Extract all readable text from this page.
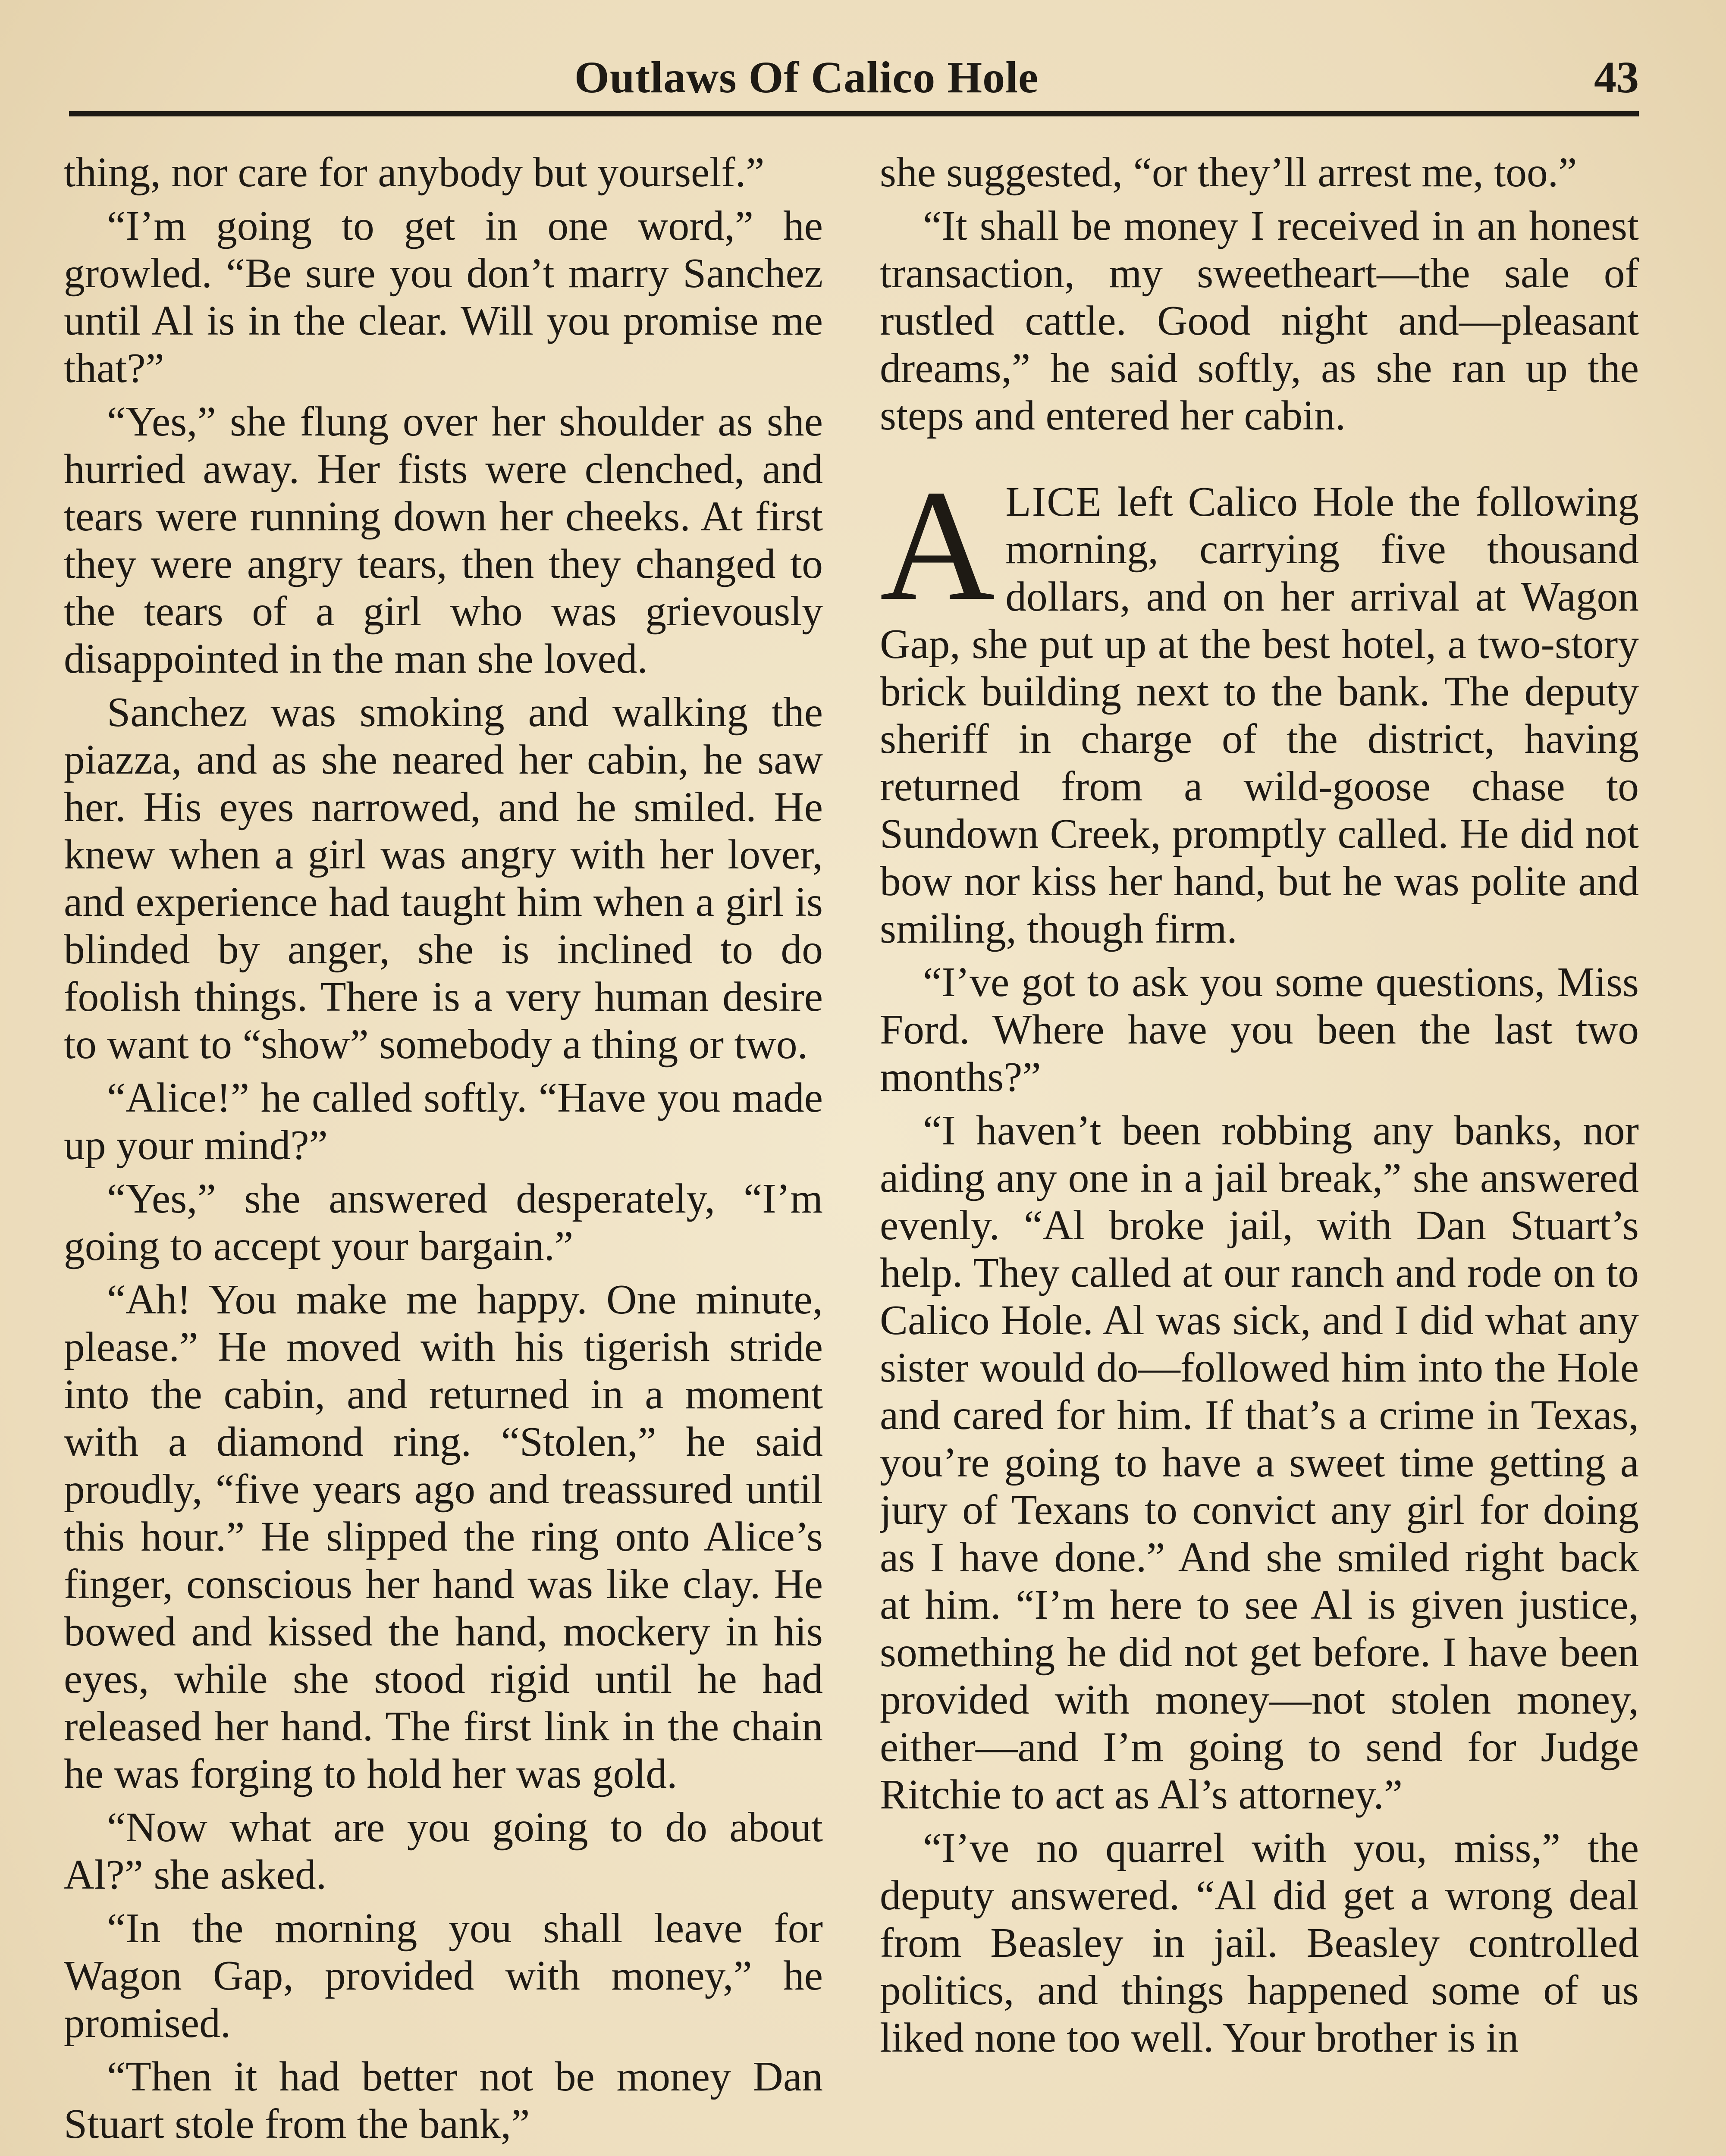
Outlaws Of Calico Hole	43

thing, nor care for anybody but yourself.”

“I’m going to get in one word,” he growled. “Be sure you don’t marry Sanchez until Al is in the clear. Will you promise me that?”

“Yes,” she flung over her shoulder as she hurried away. Her fists were clenched, and tears were running down her cheeks. At first they were angry tears, then they changed to the tears of a girl who was grievously disappointed in the man she loved.

Sanchez was smoking and walking the piazza, and as she neared her cabin, he saw her. His eyes narrowed, and he smiled. He knew when a girl was angry with her lover, and experience had taught him when a girl is blinded by anger, she is inclined to do foolish things. There is a very human desire to want to “show” somebody a thing or two.

“Alice!” he called softly. “Have you made up your mind?”

“Yes,” she answered desperately, “I’m going to accept your bargain.”

“Ah! You make me happy. One minute, please.” He moved with his tigerish stride into the cabin, and returned in a moment with a diamond ring. “Stolen,” he said proudly, “five years ago and treassured until this hour.” He slipped the ring onto Alice’s finger, conscious her hand was like clay. He bowed and kissed the hand, mockery in his eyes, while she stood rigid until he had released her hand. The first link in the chain he was forging to hold her was gold.

“Now what are you going to do about Al?” she asked.

“In the morning you shall leave for Wagon Gap, provided with money,” he promised.

“Then it had better not be money Dan Stuart stole from the bank,”

she suggested, “or they’ll arrest me, too.”

“It shall be money I received in an honest transaction, my sweetheart—the sale of rustled cattle. Good night and—pleasant dreams,” he said softly, as she ran up the steps and entered her cabin.

ALICE left Calico Hole the following morning, carrying five thousand dollars, and on her arrival at Wagon Gap, she put up at the best hotel, a two-story brick building next to the bank. The deputy sheriff in charge of the district, having returned from a wild-goose chase to Sundown Creek, promptly called. He did not bow nor kiss her hand, but he was polite and smiling, though firm.

“I’ve got to ask you some questions, Miss Ford. Where have you been the last two months?”

“I haven’t been robbing any banks, nor aiding any one in a jail break,” she answered evenly. “Al broke jail, with Dan Stuart’s help. They called at our ranch and rode on to Calico Hole. Al was sick, and I did what any sister would do—followed him into the Hole and cared for him. If that’s a crime in Texas, you’re going to have a sweet time getting a jury of Texans to convict any girl for doing as I have done.” And she smiled right back at him. “I’m here to see Al is given justice, something he did not get before. I have been provided with money—not stolen money, either—and I’m going to send for Judge Ritchie to act as Al’s attorney.”

“I’ve no quarrel with you, miss,” the deputy answered. “Al did get a wrong deal from Beasley in jail. Beasley controlled politics, and things happened some of us liked none too well. Your brother is in
